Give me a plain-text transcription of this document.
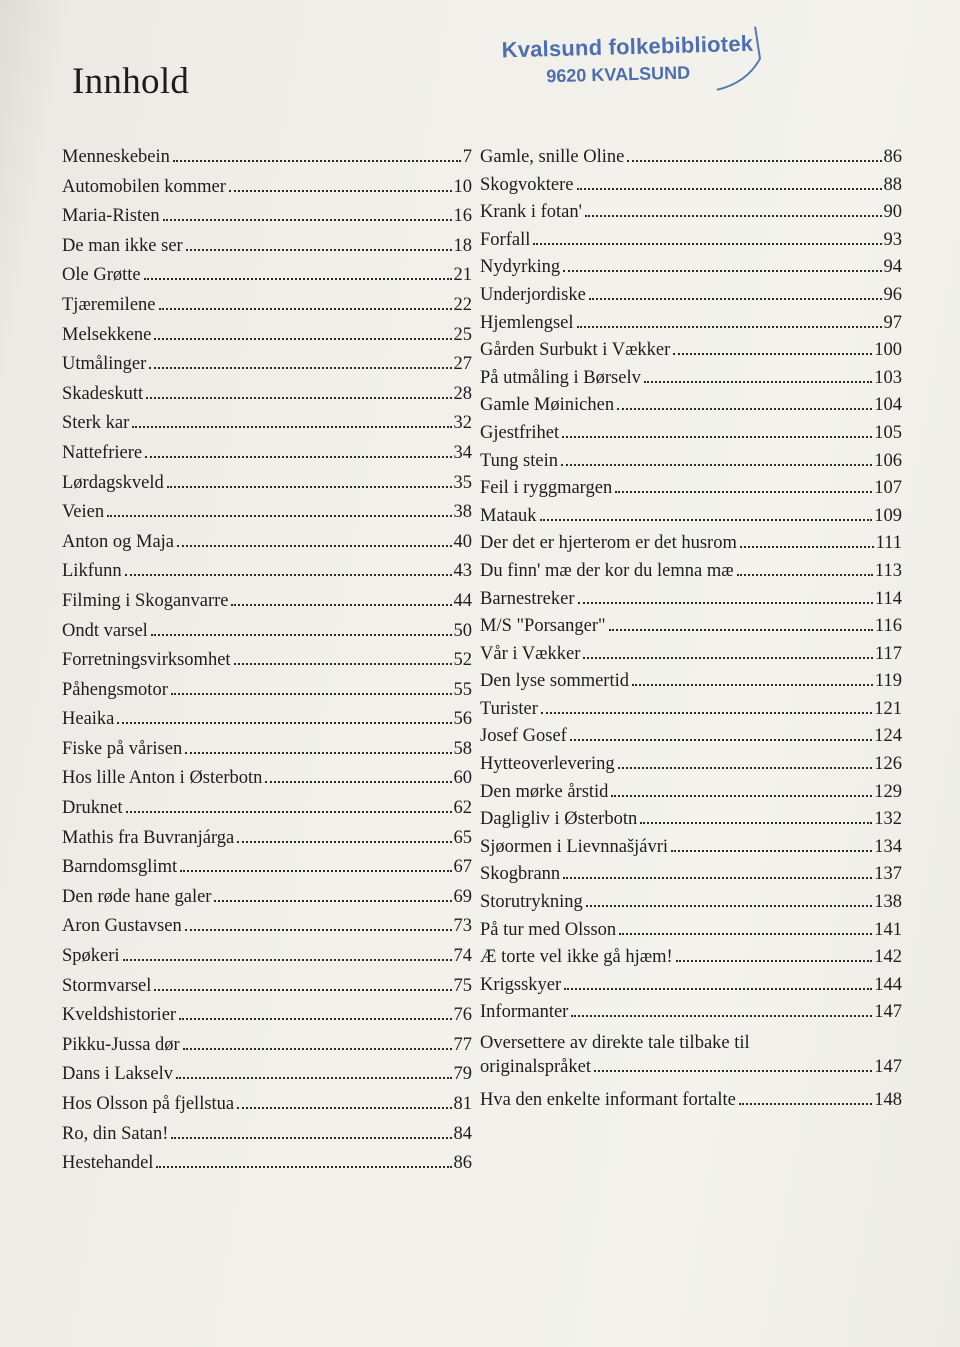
Innhold
Kvalsund folkebibliotek
9620 KVALSUND
Menneskebein	7
Automobilen kommer	10
Maria-Risten	16
De man ikke ser	18
Ole Grøtte	21
Tjæremilene	22
Melsekkene	25
Utmålinger	27
Skadeskutt	28
Sterk kar	32
Nattefriere	34
Lørdagskveld	35
Veien	38
Anton og Maja	40
Likfunn	43
Filming i Skoganvarre	44
Ondt varsel	50
Forretningsvirksomhet	52
Påhengsmotor	55
Heaika	56
Fiske på vårisen	58
Hos lille Anton i Østerbotn	60
Druknet	62
Mathis fra Buvranjárga	65
Barndomsglimt	67
Den røde hane galer	69
Aron Gustavsen	73
Spøkeri	74
Stormvarsel	75
Kveldshistorier	76
Pikku-Jussa dør	77
Dans i Lakselv	79
Hos Olsson på fjellstua	81
Ro, din Satan!	84
Hestehandel	86
Gamle, snille Oline	86
Skogvoktere	88
Krank i fotan'	90
Forfall	93
Nydyrking	94
Underjordiske	96
Hjemlengsel	97
Gården Surbukt i Vækker	100
På utmåling i Børselv	103
Gamle Møinichen	104
Gjestfrihet	105
Tung stein	106
Feil i ryggmargen	107
Matauk	109
Der det er hjerterom er det husrom	111
Du finn' mæ der kor du lemna mæ	113
Barnestreker	114
M/S "Porsanger"	116
Vår i Vækker	117
Den lyse sommertid	119
Turister	121
Josef Gosef	124
Hytteoverlevering	126
Den mørke årstid	129
Dagligliv i Østerbotn	132
Sjøormen i Lievnnašjávri	134
Skogbrann	137
Storutrykning	138
På tur med Olsson	141
Æ torte vel ikke gå hjæm!	142
Krigsskyer	144
Informanter	147
Oversettere av direkte tale tilbake til
originalspråket	147
Hva den enkelte informant fortalte	148
